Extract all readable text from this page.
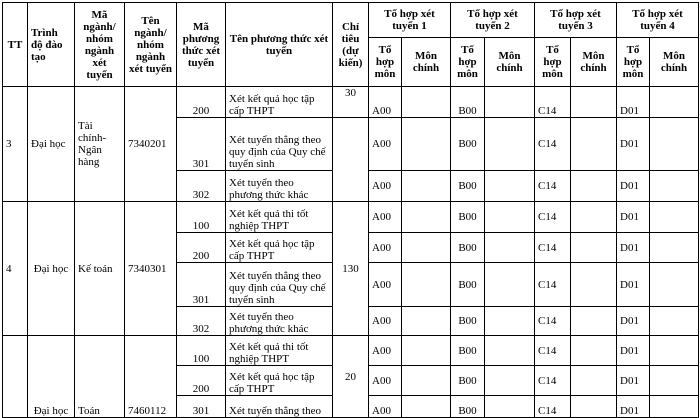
TT	Trình độ đào tạo	Mã ngành/ nhóm ngành xét tuyển	Tên ngành/ nhóm ngành xét tuyển	Mã phương thức xét tuyển	Tên phương thức xét tuyển	Chỉ tiêu (dự kiến)	Tổ hợp xét tuyển 1		Tổ hợp xét tuyển 2		Tổ hợp xét tuyển 3		Tổ hợp xét tuyển 4	
							Tổ hợp môn	Môn chính	Tổ hợp môn	Môn chính	Tổ hợp môn	Môn chính	Tổ hợp môn	Môn chính
3	Đại học	Tài chính-Ngân hàng	7340201	200	Xét kết quả học tập cấp THPT	30	A00		B00		C14		D01	
				301	Xét tuyển thẳng theo quy định của Quy chế tuyển sinh		A00		B00		C14		D01	
				302	Xét tuyển theo phương thức khác		A00		B00		C14		D01	
4	Đại học	Kế toán	7340301	100	Xét kết quả thi tốt nghiệp THPT	130	A00		B00		C14		D01	
				200	Xét kết quả học tập cấp THPT		A00		B00		C14		D01	
				301	Xét tuyển thẳng theo quy định của Quy chế tuyển sinh		A00		B00		C14		D01	
				302	Xét tuyển theo phương thức khác		A00		B00		C14		D01	
	Đại học	Toán	7460112	100	Xét kết quả thi tốt nghiệp THPT	20	A00		B00		C14		D01	
				200	Xét kết quả học tập cấp THPT		A00		B00		C14		D01	
				301	Xét tuyển thẳng theo		A00		B00		C14		D01	
